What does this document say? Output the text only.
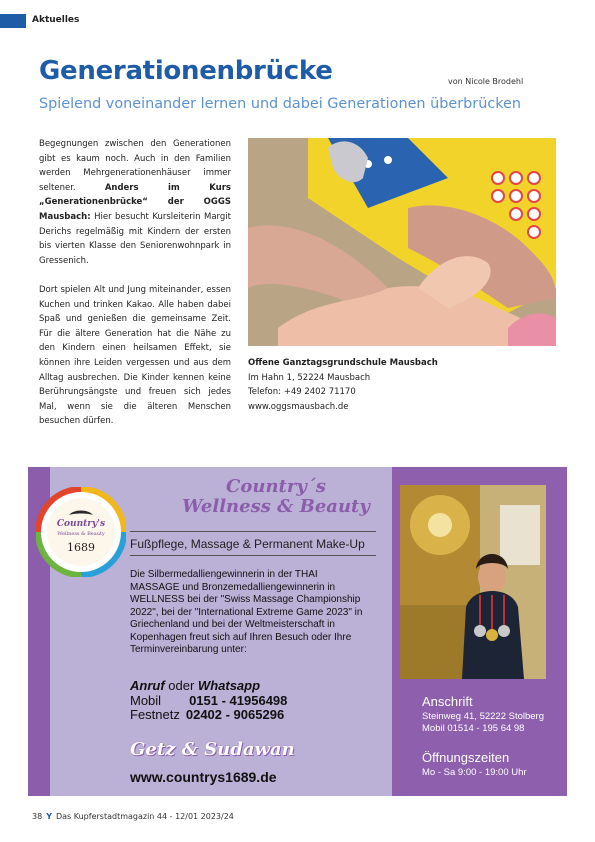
Aktuelles
Generationenbrücke	von Nicole Brodehl
Spielend voneinander lernen und dabei Generationen überbrücken

Begegnungen zwischen den Generationen gibt es kaum noch. Auch in den Familien werden Mehrgenerationenhäuser immer seltener. Anders im Kurs „Generationenbrücke“ der OGGS Mausbach: Hier besucht Kursleiterin Margit Derichs regelmäßig mit Kindern der ersten bis vierten Klasse den Seniorenwohnpark in Gressenich.

Dort spielen Alt und Jung miteinander, essen Kuchen und trinken Kakao. Alle haben dabei Spaß und genießen die gemeinsame Zeit. Für die ältere Generation hat die Nähe zu den Kindern einen heilsamen Effekt, sie können ihre Leiden vergessen und aus dem Alltag ausbrechen. Die Kinder kennen keine Berührungsängste und freuen sich jedes Mal, wenn sie die älteren Menschen besuchen dürfen.

Offene Ganztagsgrundschule Mausbach
Im Hahn 1, 52224 Mausbach
Telefon: +49 2402 71170
www.oggsmausbach.de
Country's
Wellness & Beauty
1689
Country´s
Wellness & Beauty
Fußpflege, Massage & Permanent Make-Up
Die Silbermedalliengewinnerin in der THAI MASSAGE und Bronzemedalliengewinnerin in WELLNESS bei der "Swiss Massage Championship 2022", bei der "International Extreme Game 2023" in Griechenland und bei der Weltmeisterschaft in Kopenhagen freut sich auf Ihren Besuch oder Ihre Terminvereinbarung unter:
Anruf oder Whatsapp
Mobil 0151 - 41956498
Festnetz 02402 - 9065296
Getz & Sudawan
www.countrys1689.de
Anschrift
Steinweg 41, 52222 Stolberg
Mobil 01514 - 195 64 98
Öffnungszeiten
Mo - Sa 9:00 - 19:00 Uhr
38 Y Das Kupferstadtmagazin 44 - 12/01 2023/24
